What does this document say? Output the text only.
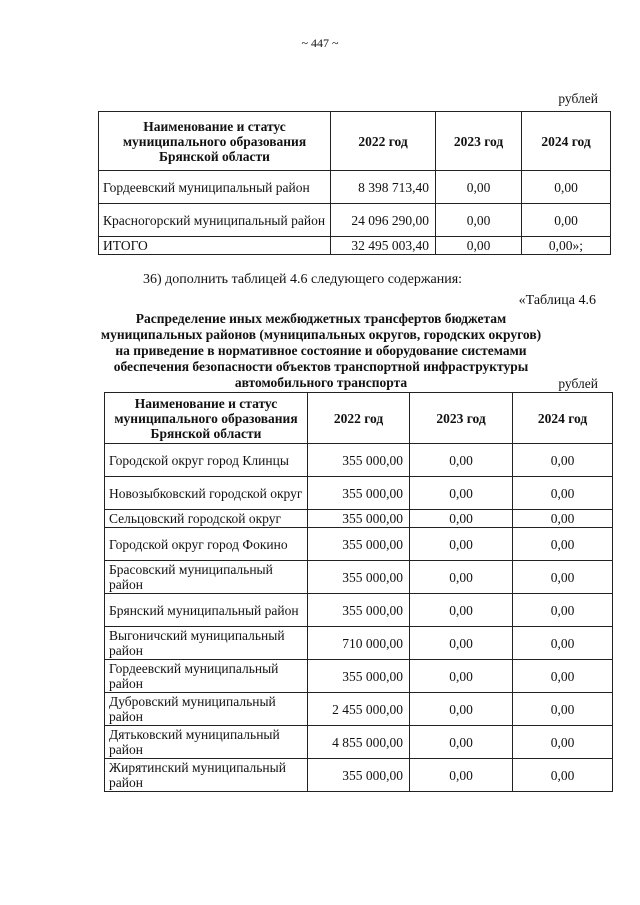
~ 447 ~
рублей
Наименование и статус муниципального образования Брянской области	2022 год	2023 год	2024 год
Гордеевский муниципальный район	8 398 713,40	0,00	0,00
Красногорский муниципальный район	24 096 290,00	0,00	0,00
ИТОГО	32 495 003,40	0,00	0,00»;
36) дополнить таблицей 4.6 следующего содержания:
«Таблица 4.6
Распределение иных межбюджетных трансфертов бюджетам муниципальных районов (муниципальных округов, городских округов) на приведение в нормативное состояние и оборудование системами обеспечения безопасности объектов транспортной инфраструктуры автомобильного транспорта	рублей
Наименование и статус муниципального образования Брянской области	2022 год	2023 год	2024 год
Городской округ город Клинцы	355 000,00	0,00	0,00
Новозыбковский городской округ	355 000,00	0,00	0,00
Сельцовский городской округ	355 000,00	0,00	0,00
Городской округ город Фокино	355 000,00	0,00	0,00
Брасовский муниципальный район	355 000,00	0,00	0,00
Брянский муниципальный район	355 000,00	0,00	0,00
Выгоничский муниципальный район	710 000,00	0,00	0,00
Гордеевский муниципальный район	355 000,00	0,00	0,00
Дубровский муниципальный район	2 455 000,00	0,00	0,00
Дятьковский муниципальный район	4 855 000,00	0,00	0,00
Жирятинский муниципальный район	355 000,00	0,00	0,00
